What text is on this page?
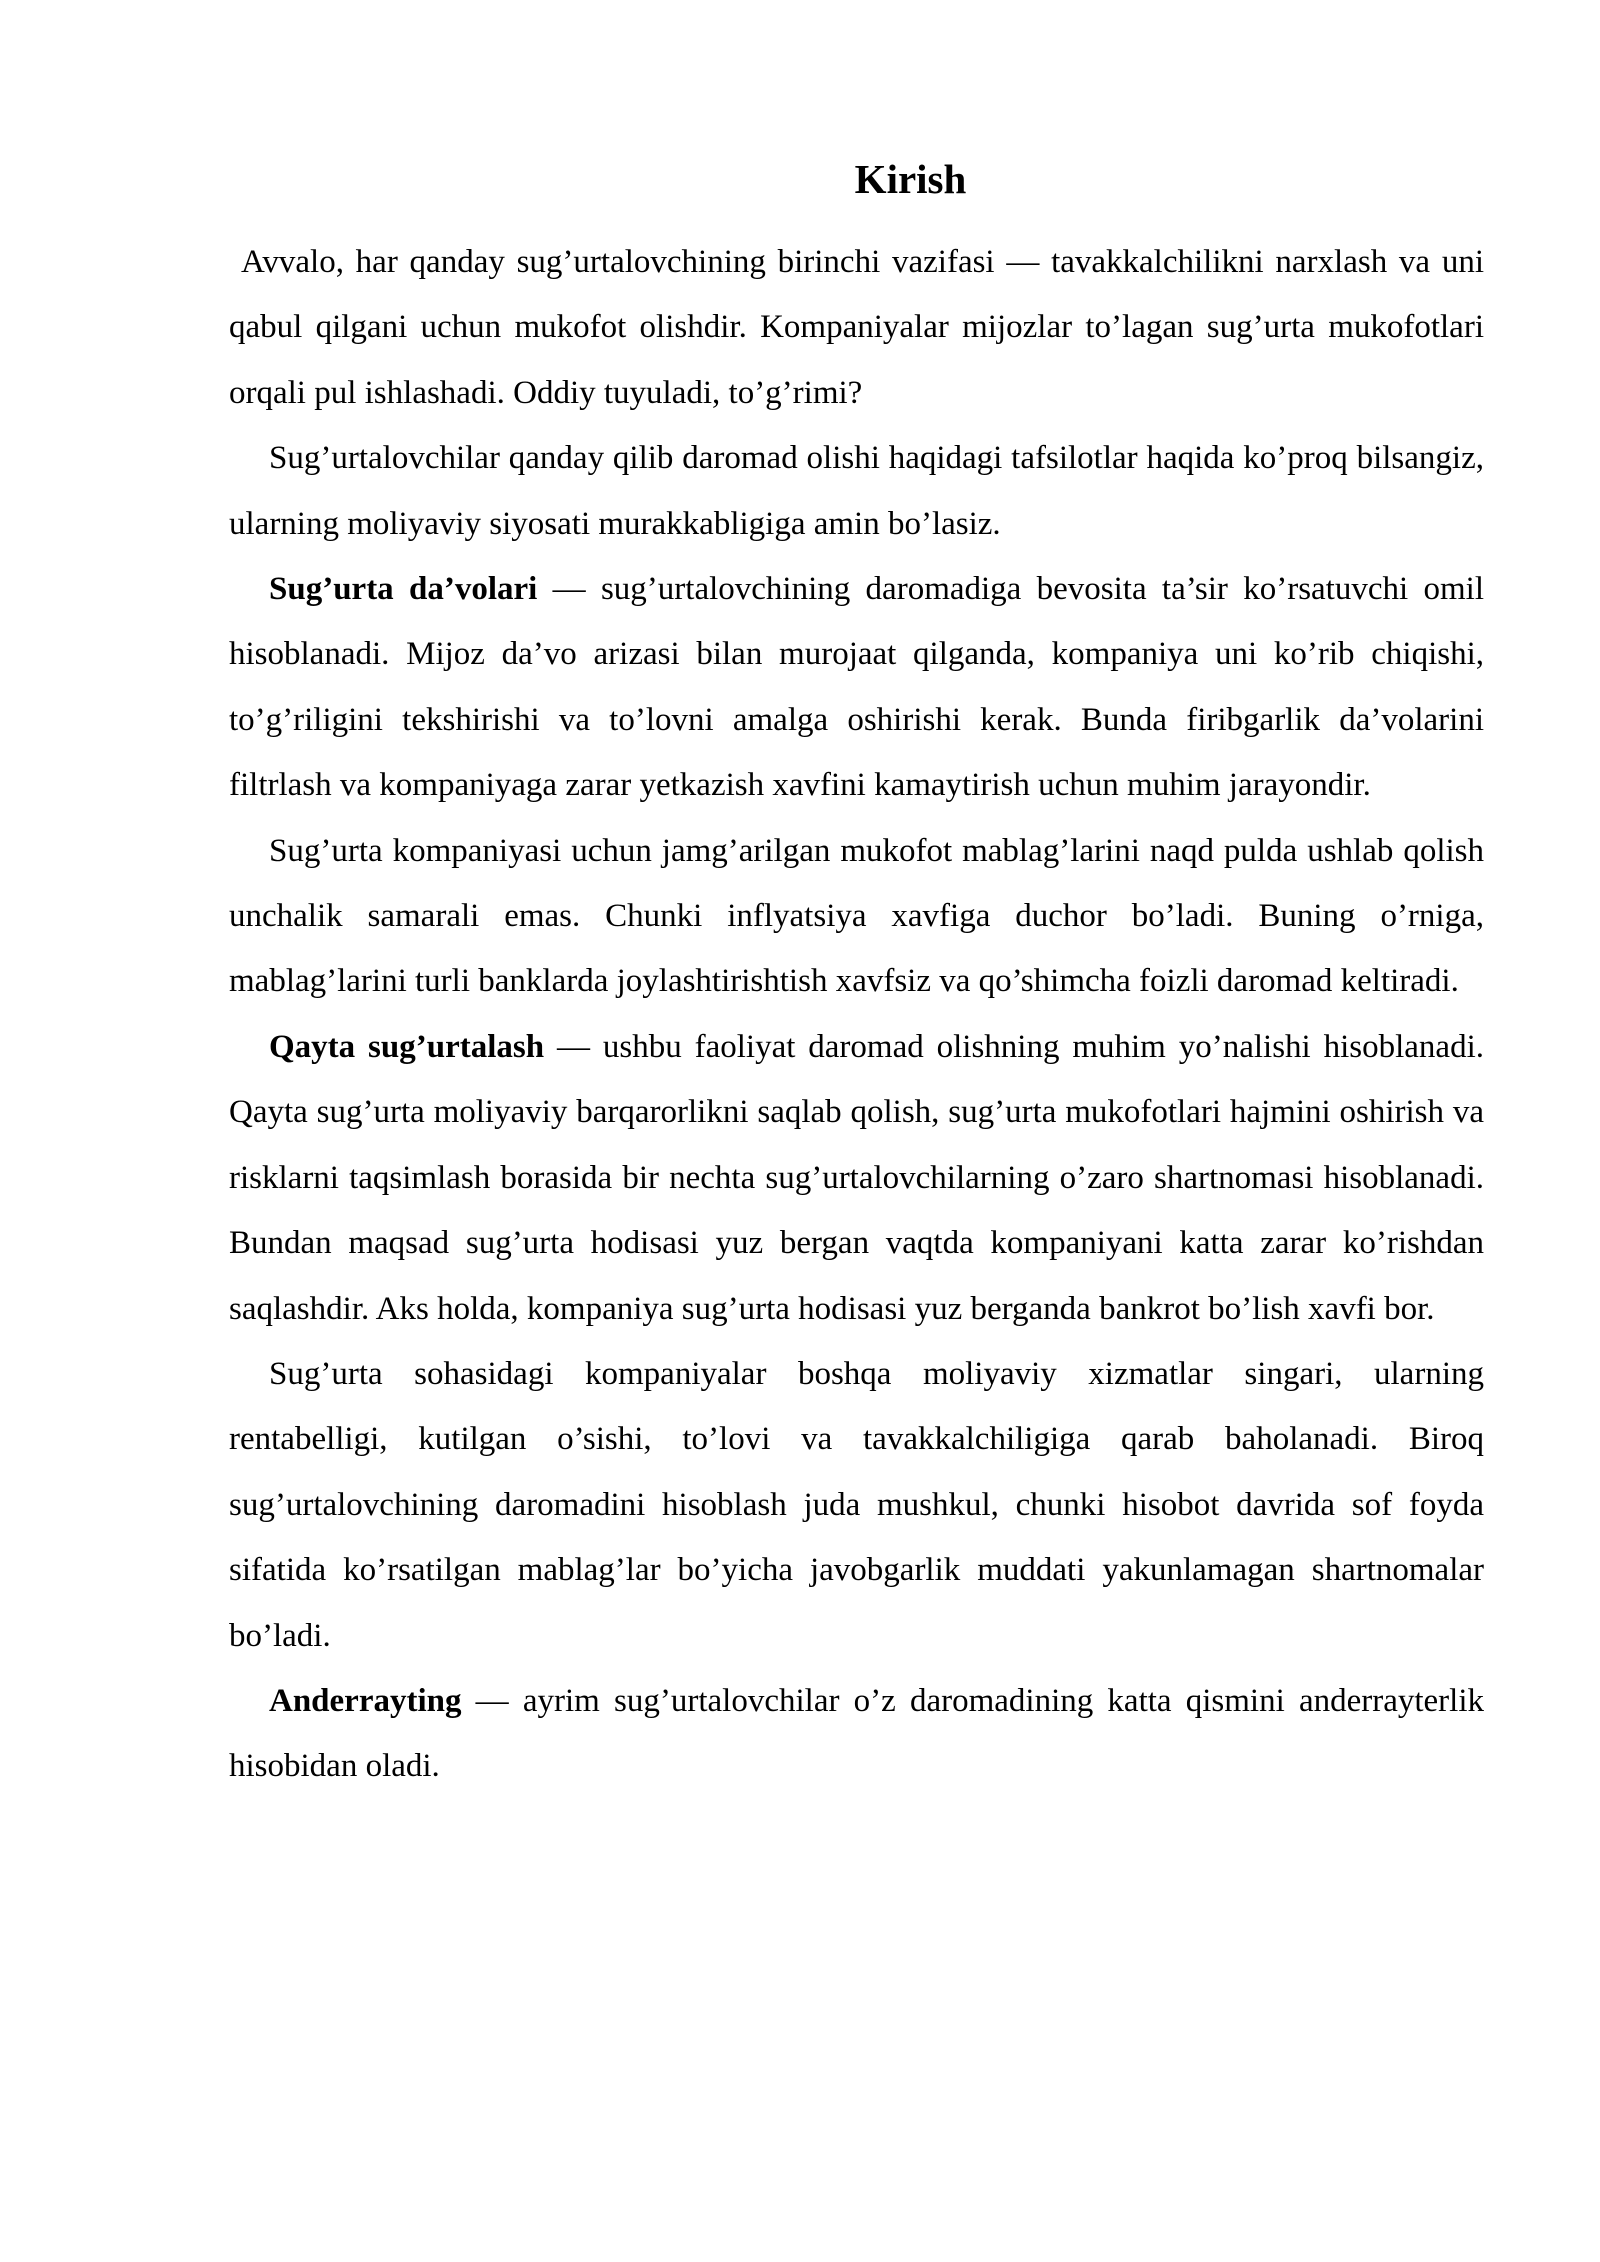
Kirish

Avvalo, har qanday sug’urtalovchining birinchi vazifasi — tavakkalchilikni narxlash va uni qabul qilgani uchun mukofot olishdir. Kompaniyalar mijozlar to’lagan sug’urta mukofotlari orqali pul ishlashadi. Oddiy tuyuladi, to’g’rimi?

Sug’urtalovchilar qanday qilib daromad olishi haqidagi tafsilotlar haqida ko’proq bilsangiz, ularning moliyaviy siyosati murakkabligiga amin bo’lasiz.

Sug’urta da’volari — sug’urtalovchining daromadiga bevosita ta’sir ko’rsatuvchi omil hisoblanadi. Mijoz da’vo arizasi bilan murojaat qilganda, kompaniya uni ko’rib chiqishi, to’g’riligini tekshirishi va to’lovni amalga oshirishi kerak. Bunda firibgarlik da’volarini filtrlash va kompaniyaga zarar yetkazish xavfini kamaytirish uchun muhim jarayondir.

Sug’urta kompaniyasi uchun jamg’arilgan mukofot mablag’larini naqd pulda ushlab qolish unchalik samarali emas. Chunki inflyatsiya xavfiga duchor bo’ladi. Buning o’rniga, mablag’larini turli banklarda joylashtirishtish xavfsiz va qo’shimcha foizli daromad keltiradi.

Qayta sug’urtalash — ushbu faoliyat daromad olishning muhim yo’nalishi hisoblanadi. Qayta sug’urta moliyaviy barqarorlikni saqlab qolish, sug’urta mukofotlari hajmini oshirish va risklarni taqsimlash borasida bir nechta sug’urtalovchilarning o’zaro shartnomasi hisoblanadi. Bundan maqsad sug’urta hodisasi yuz bergan vaqtda kompaniyani katta zarar ko’rishdan saqlashdir. Aks holda, kompaniya sug’urta hodisasi yuz berganda bankrot bo’lish xavfi bor.

Sug’urta sohasidagi kompaniyalar boshqa moliyaviy xizmatlar singari, ularning rentabelligi, kutilgan o’sishi, to’lovi va tavakkalchiligiga qarab baholanadi. Biroq sug’urtalovchining daromadini hisoblash juda mushkul, chunki hisobot davrida sof foyda sifatida ko’rsatilgan mablag’lar bo’yicha javobgarlik muddati yakunlamagan shartnomalar bo’ladi.

Anderrayting — ayrim sug’urtalovchilar o’z daromadining katta qismini anderrayterlik hisobidan oladi.
